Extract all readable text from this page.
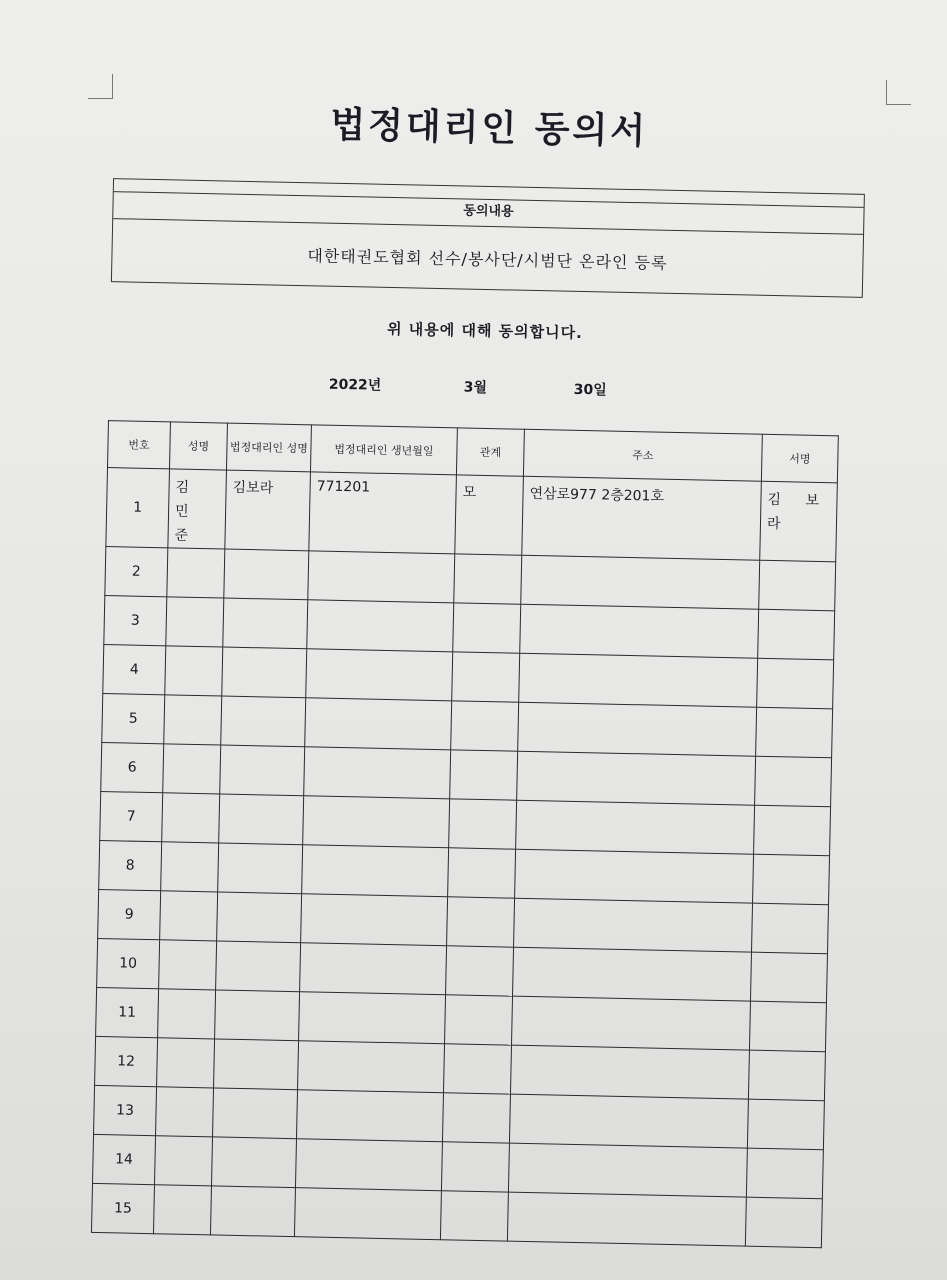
법정대리인 동의서
동의내용
대한태권도협회 선수/봉사단/시범단 온라인 등록
위 내용에 대해 동의합니다.
2022년	3월	30일
번호	성명	법정대리인 성명	법정대리인 생년월일	관계	주소	서명
1	김 민 준	김보라	771201	모	연삼로977 2층201호	김 보 라
2						
3						
4						
5						
6						
7						
8						
9						
10						
11						
12						
13						
14						
15						
